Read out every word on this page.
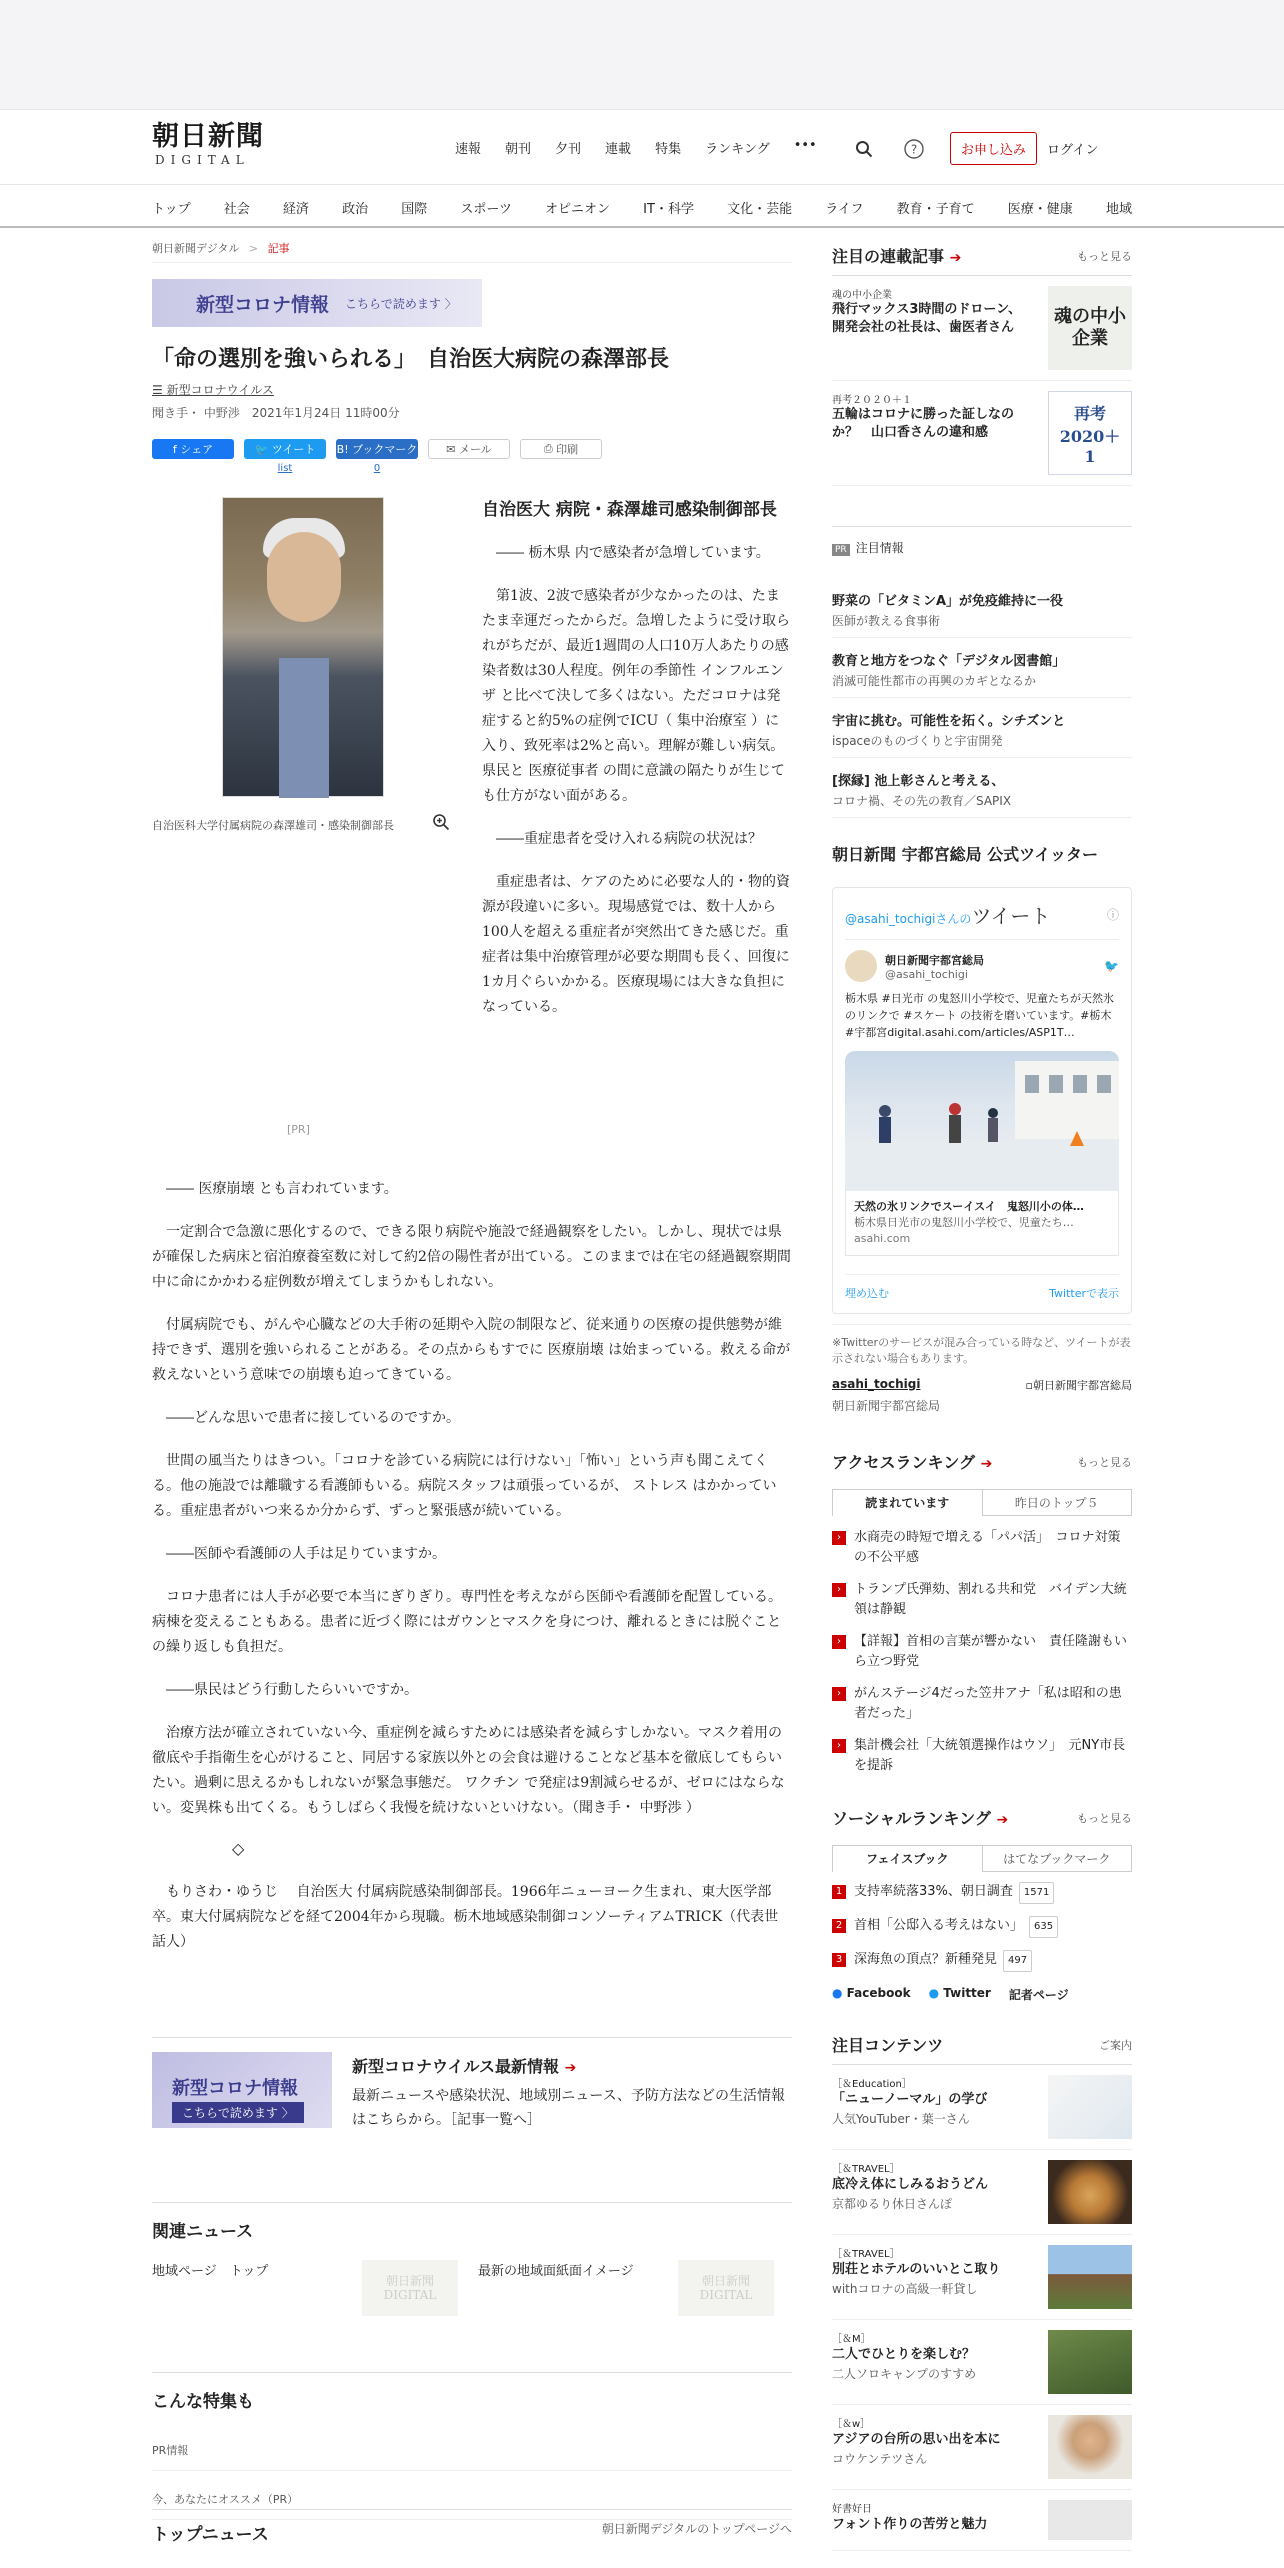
朝日新聞
DIGITAL
速報 朝刊 夕刊 連載 特集 ランキング •••	?	お申し込み	ログイン
トップ	社会	経済	政治	国際	スポーツ	オピニオン	IT・科学	文化・芸能	ライフ	教育・子育て	医療・健康	地域
朝日新聞デジタル > 記事
新型コロナ情報 こちらで読めます 〉
「命の選別を強いられる」　自治医大病院の森澤部長
☰ 新型コロナウイルス
聞き手・ 中野渉　2021年1月24日 11時00分
f シェア	🐦 ツイート
list
B! ブックマーク
0
✉ メール	⎙ 印刷
自治医科大学付属病院の森澤雄司・感染制御部長
[PR]
自治医大 病院・森澤雄司感染制御部長

―― 栃木県 内で感染者が急増しています。

第1波、2波で感染者が少なかったのは、たまたま幸運だったからだ。急増したように受け取られがちだが、最近1週間の人口10万人あたりの感染者数は30人程度。例年の季節性 インフルエンザ と比べて決して多くはない。ただコロナは発症すると約5%の症例でICU（ 集中治療室 ）に入り、致死率は2%と高い。理解が難しい病気。県民と 医療従事者 の間に意識の隔たりが生じても仕方がない面がある。

――重症患者を受け入れる病院の状況は？

重症患者は、ケアのために必要な人的・物的資源が段違いに多い。現場感覚では、数十人から100人を超える重症者が突然出てきた感じだ。重症者は集中治療管理が必要な期間も長く、回復に1カ月ぐらいかかる。医療現場には大きな負担になっている。

―― 医療崩壊 とも言われています。

一定割合で急激に悪化するので、できる限り病院や施設で経過観察をしたい。しかし、現状では県が確保した病床と宿泊療養室数に対して約2倍の陽性者が出ている。このままでは在宅の経過観察期間中に命にかかわる症例数が増えてしまうかもしれない。

付属病院でも、がんや心臓などの大手術の延期や入院の制限など、従来通りの医療の提供態勢が維持できず、選別を強いられることがある。その点からもすでに 医療崩壊 は始まっている。救える命が救えないという意味での崩壊も迫ってきている。

――どんな思いで患者に接しているのですか。

世間の風当たりはきつい。「コロナを診ている病院には行けない」「怖い」という声も聞こえてくる。他の施設では離職する看護師もいる。病院スタッフは頑張っているが、 ストレス はかかっている。重症患者がいつ来るか分からず、ずっと緊張感が続いている。

――医師や看護師の人手は足りていますか。

コロナ患者には人手が必要で本当にぎりぎり。専門性を考えながら医師や看護師を配置している。病棟を変えることもある。患者に近づく際にはガウンとマスクを身につけ、離れるときには脱ぐことの繰り返しも負担だ。

――県民はどう行動したらいいですか。

治療方法が確立されていない今、重症例を減らすためには感染者を減らすしかない。マスク着用の徹底や手指衛生を心がけること、同居する家族以外との会食は避けることなど基本を徹底してもらいたい。過剰に思えるかもしれないが緊急事態だ。 ワクチン で発症は9割減らせるが、ゼロにはならない。変異株も出てくる。もうしばらく我慢を続けないといけない。（聞き手・ 中野渉 ）

◇

もりさわ・ゆうじ　 自治医大 付属病院感染制御部長。1966年ニューヨーク生まれ、東大医学部卒。東大付属病院などを経て2004年から現職。栃木地域感染制御コンソーティアムTRICK（代表世話人）

新型コロナ情報
こちらで読めます 〉
新型コロナウイルス最新情報 ➔
最新ニュースや感染状況、地域別ニュース、予防方法などの生活情報はこちらから。［記事一覧へ］
関連ニュース
地域ページ　トップ
朝日新聞 DIGITAL
最新の地域面紙面イメージ
朝日新聞 DIGITAL
こんな特集も
PR情報
今、あなたにオススメ（PR）
トップニュース	朝日新聞デジタルのトップページへ
注目の連載記事 ➔	もっと見る
魂の中小企業
飛行マックス3時間のドローン、開発会社の社長は、歯医者さん
魂の中小企業
再考２０２０＋１
五輪はコロナに勝った証しなのか？　山口香さんの違和感
再考2020＋1
PR 注目情報
野菜の「ビタミンA」が免疫維持に一役
医師が教える食事術
教育と地方をつなぐ「デジタル図書館」
消滅可能性都市の再興のカギとなるか
宇宙に挑む。可能性を拓く。シチズンと
ispaceのものづくりと宇宙開発
[探縁] 池上彰さんと考える、
コロナ禍、その先の教育／SAPIX
朝日新聞 宇都宮総局 公式ツイッター
@asahi_tochigiさんのツイート	ⓘ
朝日新聞宇都宮総局
@asahi_tochigi
🐦
栃木県 #日光市 の鬼怒川小学校で、児童たちが天然氷のリンクで #スケート の技術を磨いています。#栃木 #宇都宮digital.asahi.com/articles/ASP1T…
天然の氷リンクでスーイスイ　鬼怒川小の体…
栃木県日光市の鬼怒川小学校で、児童たち…
asahi.com
埋め込む	Twitterで表示
※Twitterのサービスが混み合っている時など、ツイートが表示されない場合もあります。
asahi_tochigi	▫朝日新聞宇都宮総局
朝日新聞宇都宮総局
アクセスランキング ➔	もっと見る
読まれています	昨日のトップ５
›	水商売の時短で増える「パパ活」　コロナ対策の不公平感
›	トランプ氏弾劾、割れる共和党　バイデン大統領は静観
›	【詳報】首相の言葉が響かない　責任隆謝もいら立つ野党
›	がんステージ4だった笠井アナ「私は昭和の患者だった」
›	集計機会社「大統領選操作はウソ」　元NY市長を提訴
ソーシャルランキング ➔	もっと見る
フェイスブック	はてなブックマーク
1 支持率続落33%、朝日調査	1571
2 首相「公邸入る考えはない」	635
3 深海魚の頂点？新種発見	497
● Facebook ● Twitter 記者ページ
注目コンテンツ	ご案内
［＆Education］
「ニューノーマル」の学び
人気YouTuber・葉一さん
［＆TRAVEL］
底冷え体にしみるおうどん
京都ゆるり休日さんぽ
［＆TRAVEL］
別荘とホテルのいいとこ取り
withコロナの高級一軒貸し
［＆M］
二人でひとりを楽しむ？
二人ソロキャンプのすすめ
［＆w］
アジアの台所の思い出を本に
コウケンテツさん
好書好日
フォント作りの苦労と魅力
